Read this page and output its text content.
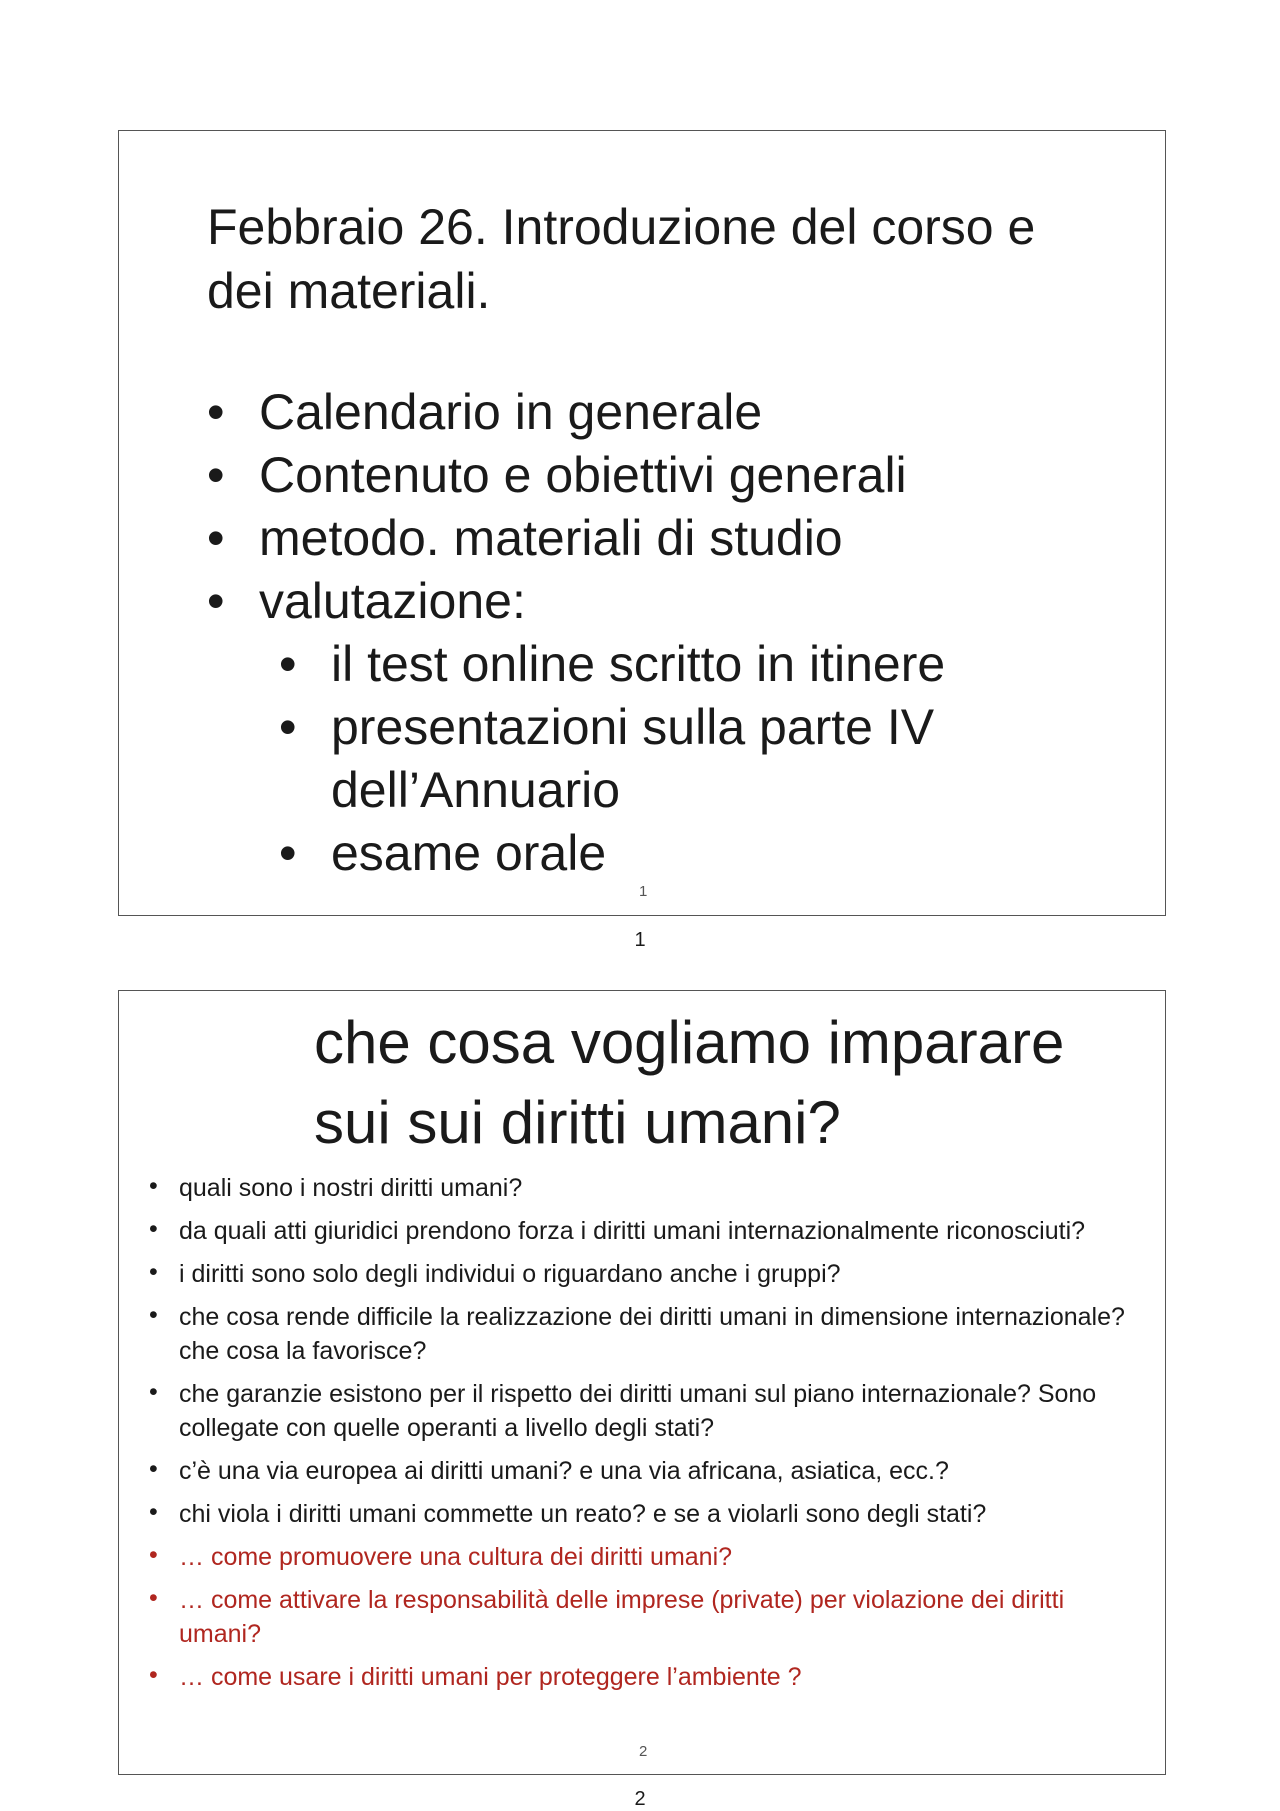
Febbraio 26. Introduzione del corso e dei materiali.
• Calendario in generale
• Contenuto e obiettivi generali
• metodo. materiali di studio
• valutazione:
• il test online scritto in itinere
• presentazioni sulla parte IV dell’Annuario
• esame orale
1
1
che cosa vogliamo imparare sui sui diritti umani?
• quali sono i nostri diritti umani?
• da quali atti giuridici prendono forza i diritti umani internazionalmente riconosciuti?
• i diritti sono solo degli individui o riguardano anche i gruppi?
• che cosa rende difficile la realizzazione dei diritti umani in dimensione internazionale? che cosa la favorisce?
• che garanzie esistono per il rispetto dei diritti umani sul piano internazionale? Sono collegate con quelle operanti a livello degli stati?
• c’è una via europea ai diritti umani? e una via africana, asiatica, ecc.?
• chi viola i diritti umani commette un reato? e se a violarli sono degli stati?
• … come promuovere una cultura dei diritti umani?
• … come attivare la responsabilità delle imprese (private) per violazione dei diritti umani?
• … come usare i diritti umani per proteggere l’ambiente ?
2
2
